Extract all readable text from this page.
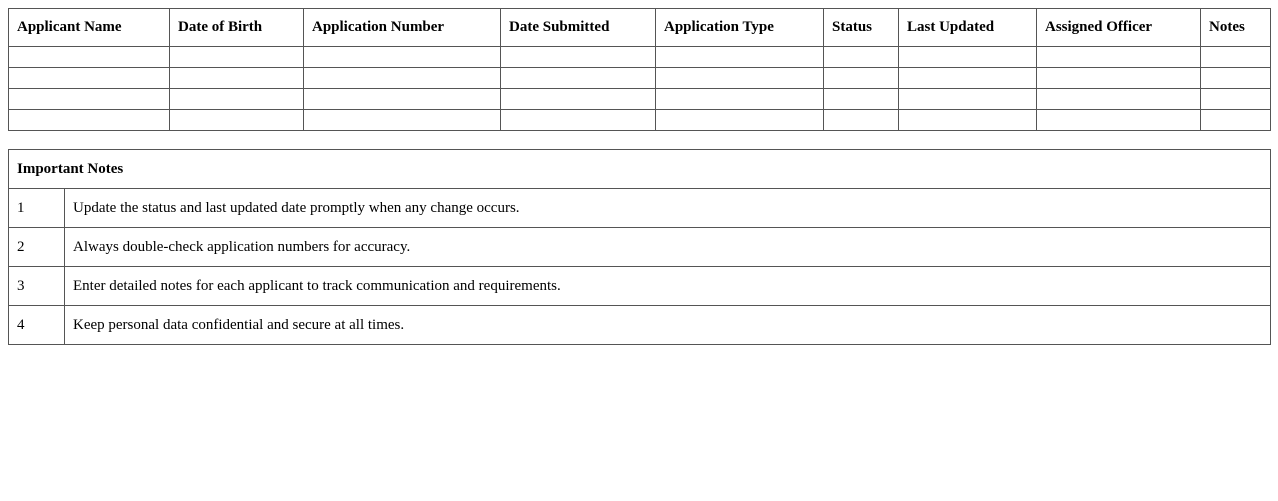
Applicant Name	Date of Birth	Application Number	Date Submitted	Application Type	Status	Last Updated	Assigned Officer	Notes

Important Notes	
1	Update the status and last updated date promptly when any change occurs.
2	Always double-check application numbers for accuracy.
3	Enter detailed notes for each applicant to track communication and requirements.
4	Keep personal data confidential and secure at all times.
